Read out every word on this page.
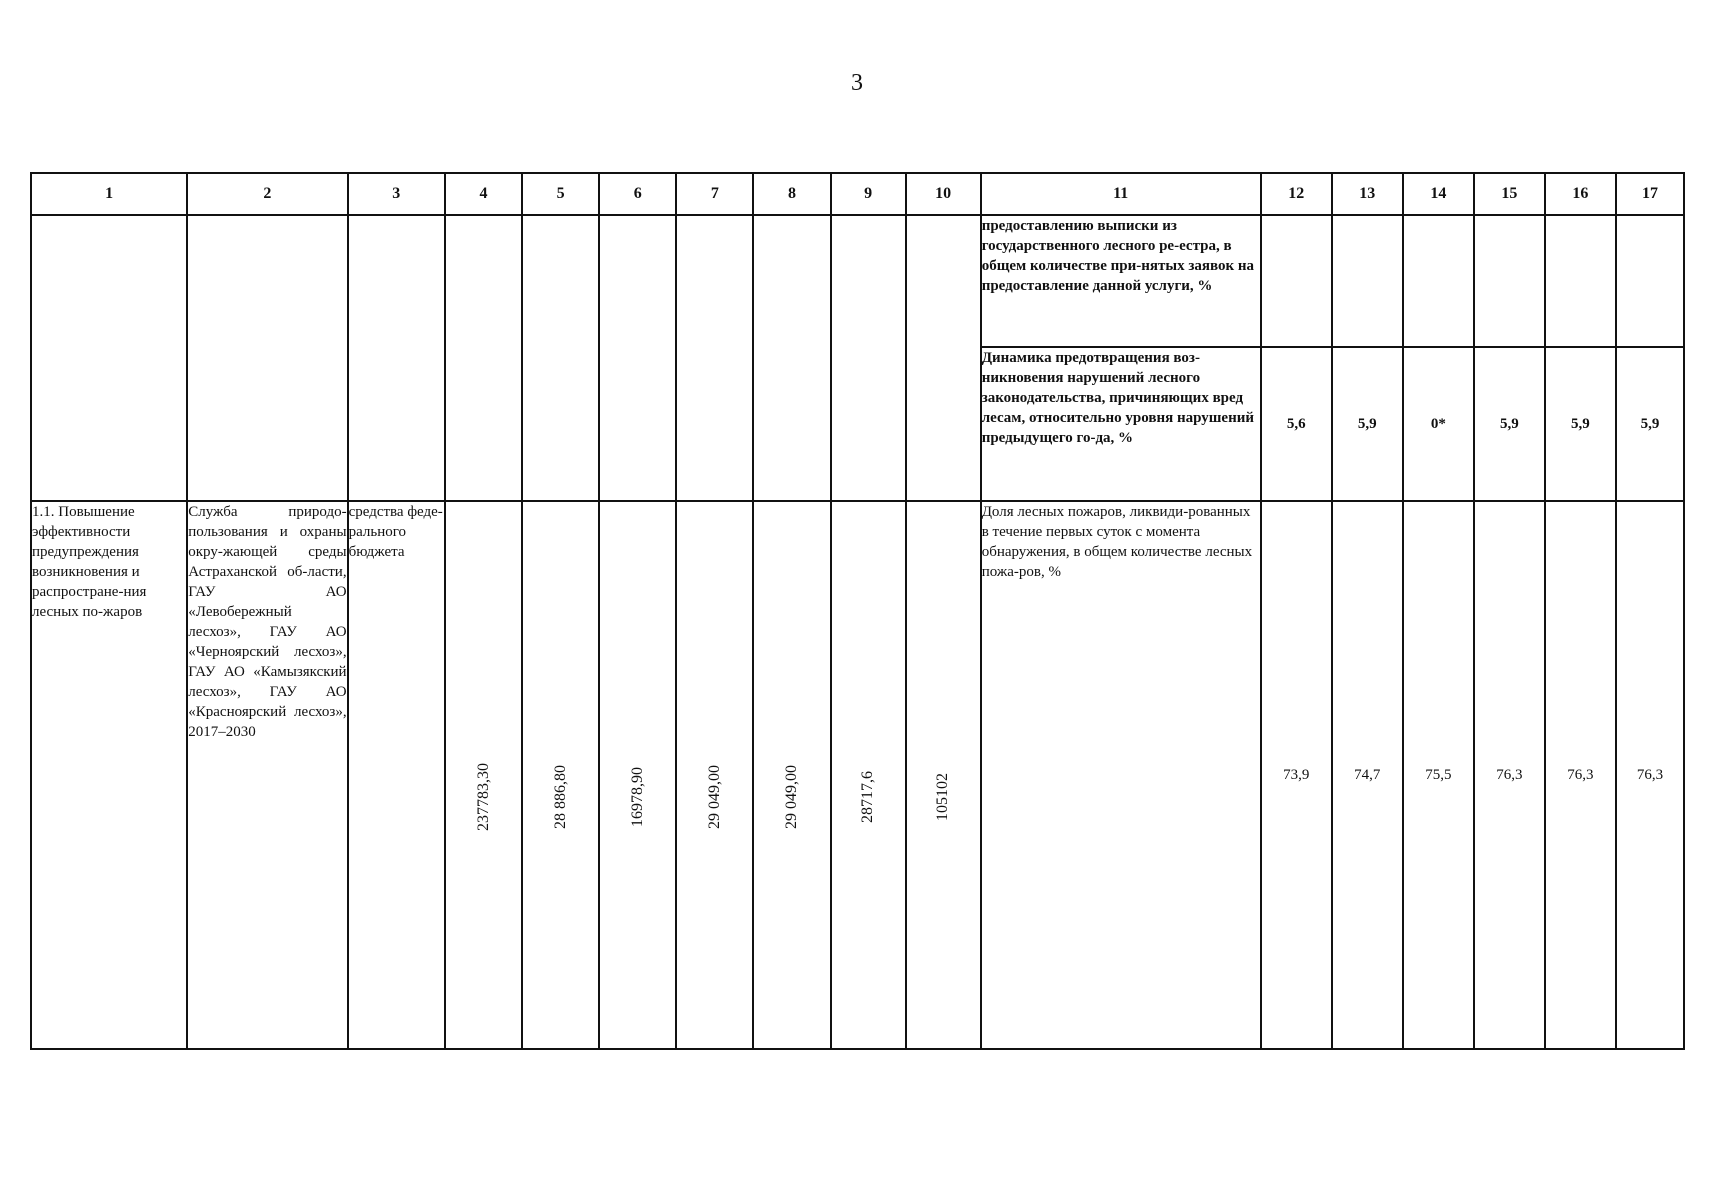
3
1	2	3	4	5	6	7	8	9	10	11	12	13	14	15	16	17
										предоставлению выписки из государственного лесного ре-естра, в общем количестве при-нятых заявок на предоставление данной услуги, %						
										Динамика предотвращения воз-никновения нарушений лесного законодательства, причиняющих вред лесам, относительно уровня нарушений предыдущего го-да, %	5,6	5,9	0*	5,9	5,9	5,9
1.1. Повышение эффективности предупреждения возникновения и распростране-ния лесных по-жаров	Служба природо-пользования и охраны окру-жающей среды Астраханской об-ласти, ГАУ АО «Левобережный лесхоз», ГАУ АО «Черноярский лесхоз», ГАУ АО «Камызякский лесхоз», ГАУ АО «Красноярский лесхоз», 2017–2030	средства феде-рального бюджета	237783,30	28 886,80	16978,90	29 049,00	29 049,00	28717,6	105102	Доля лесных пожаров, ликвиди-рованных в течение первых суток с момента обнаружения, в общем количестве лесных пожа-ров, %	73,9	74,7	75,5	76,3	76,3	76,3
